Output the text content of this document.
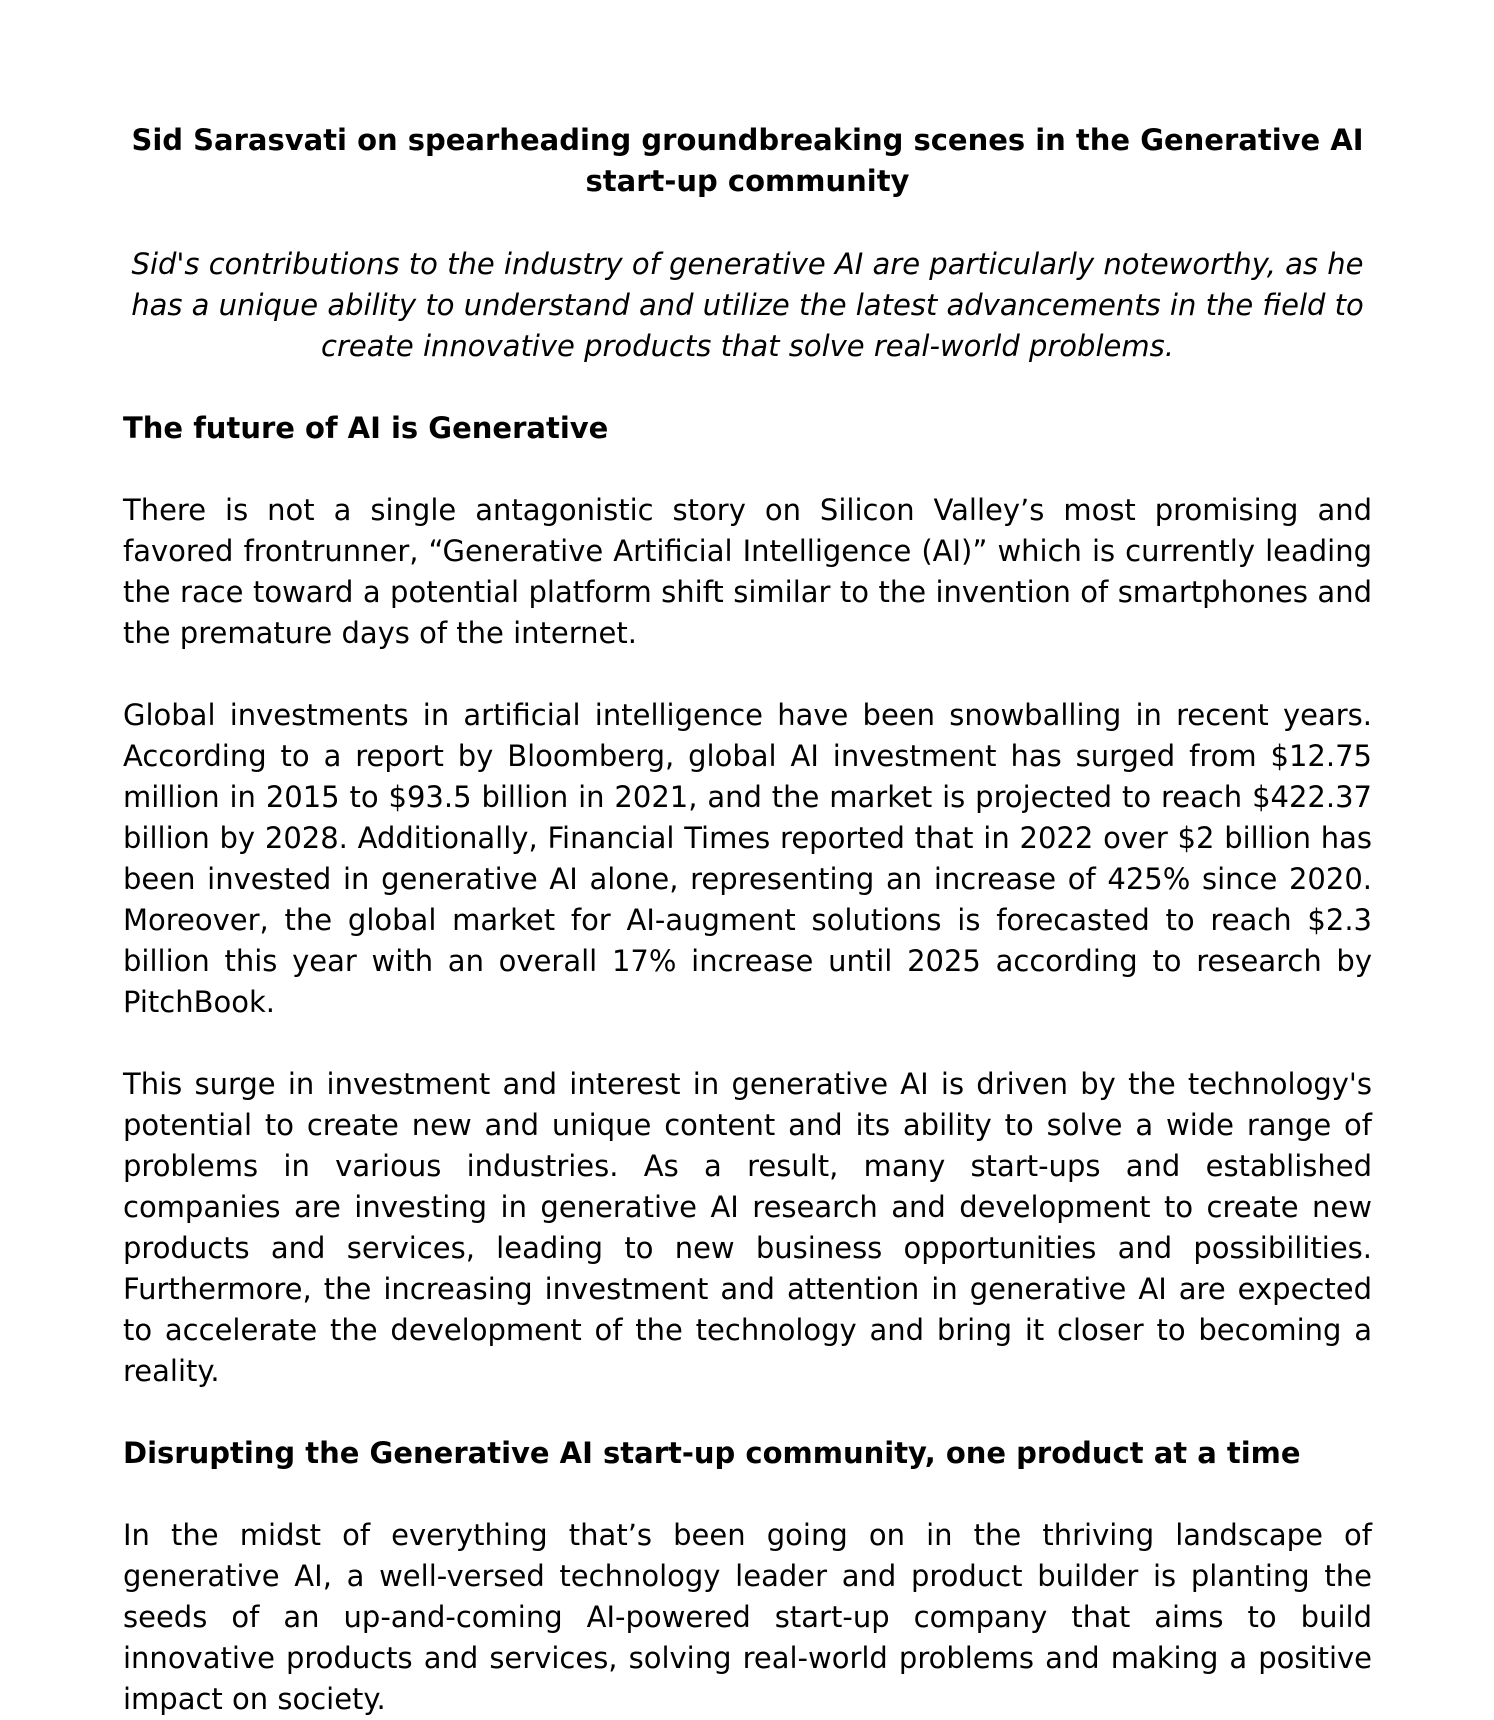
Sid Sarasvati on spearheading groundbreaking scenes in the Generative AI start-up community

Sid's contributions to the industry of generative AI are particularly noteworthy, as he has a unique ability to understand and utilize the latest advancements in the field to create innovative products that solve real-world problems.

The future of AI is Generative

There is not a single antagonistic story on Silicon Valley’s most promising and favored frontrunner, “Generative Artificial Intelligence (AI)” which is currently leading the race toward a potential platform shift similar to the invention of smartphones and the premature days of the internet.

Global investments in artificial intelligence have been snowballing in recent years. According to a report by Bloomberg, global AI investment has surged from $12.75 million in 2015 to $93.5 billion in 2021, and the market is projected to reach $422.37 billion by 2028. Additionally, Financial Times reported that in 2022 over $2 billion has been invested in generative AI alone, representing an increase of 425% since 2020. Moreover, the global market for AI-augment solutions is forecasted to reach $2.3 billion this year with an overall 17% increase until 2025 according to research by PitchBook.

This surge in investment and interest in generative AI is driven by the technology's potential to create new and unique content and its ability to solve a wide range of problems in various industries. As a result, many start-ups and established companies are investing in generative AI research and development to create new products and services, leading to new business opportunities and possibilities. Furthermore, the increasing investment and attention in generative AI are expected to accelerate the development of the technology and bring it closer to becoming a reality.

Disrupting the Generative AI start-up community, one product at a time

In the midst of everything that’s been going on in the thriving landscape of generative AI, a well-versed technology leader and product builder is planting the seeds of an up-and-coming AI-powered start-up company that aims to build innovative products and services, solving real-world problems and making a positive impact on society.
